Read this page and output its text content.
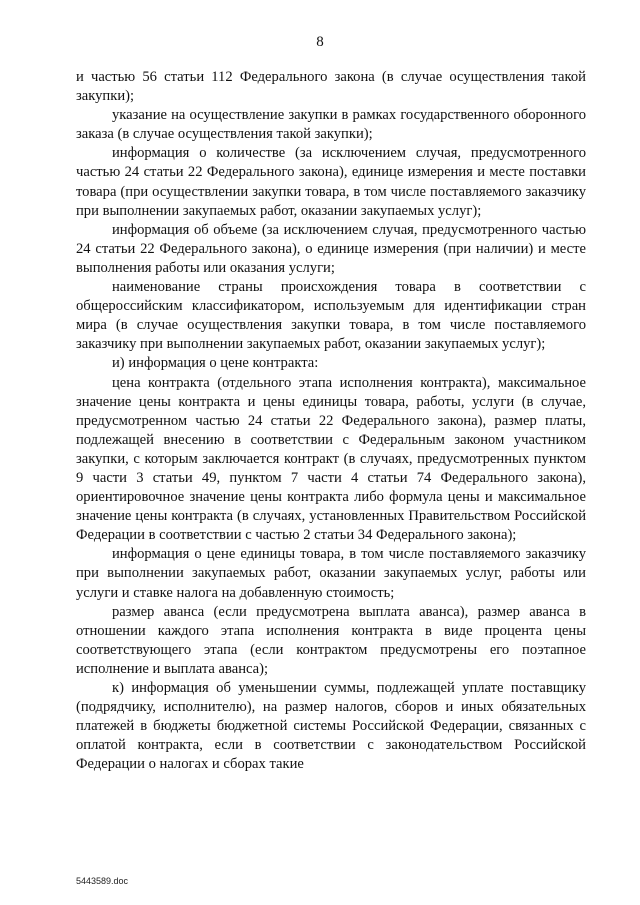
8

и частью 56 статьи 112 Федерального закона (в случае осуществления такой закупки);

указание на осуществление закупки в рамках государственного оборонного заказа (в случае осуществления такой закупки);

информация о количестве (за исключением случая, предусмотренного частью 24 статьи 22 Федерального закона), единице измерения и месте поставки товара (при осуществлении закупки товара, в том числе поставляемого заказчику при выполнении закупаемых работ, оказании закупаемых услуг);

информация об объеме (за исключением случая, предусмотренного частью 24 статьи 22 Федерального закона), о единице измерения (при наличии) и месте выполнения работы или оказания услуги;

наименование страны происхождения товара в соответствии с общероссийским классификатором, используемым для идентификации стран мира (в случае осуществления закупки товара, в том числе поставляемого заказчику при выполнении закупаемых работ, оказании закупаемых услуг);

и) информация о цене контракта:

цена контракта (отдельного этапа исполнения контракта), максимальное значение цены контракта и цены единицы товара, работы, услуги (в случае, предусмотренном частью 24 статьи 22 Федерального закона), размер платы, подлежащей внесению в соответствии с Федеральным законом участником закупки, с которым заключается контракт (в случаях, предусмотренных пунктом 9 части 3 статьи 49, пунктом 7 части 4 статьи 74 Федерального закона), ориентировочное значение цены контракта либо формула цены и максимальное значение цены контракта (в случаях, установленных Правительством Российской Федерации в соответствии с частью 2 статьи 34 Федерального закона);

информация о цене единицы товара, в том числе поставляемого заказчику при выполнении закупаемых работ, оказании закупаемых услуг, работы или услуги и ставке налога на добавленную стоимость;

размер аванса (если предусмотрена выплата аванса), размер аванса в отношении каждого этапа исполнения контракта в виде процента цены соответствующего этапа (если контрактом предусмотрены его поэтапное исполнение и выплата аванса);

к) информация об уменьшении суммы, подлежащей уплате поставщику (подрядчику, исполнителю), на размер налогов, сборов и иных обязательных платежей в бюджеты бюджетной системы Российской Федерации, связанных с оплатой контракта, если в соответствии с законодательством Российской Федерации о налогах и сборах такие

5443589.doc
